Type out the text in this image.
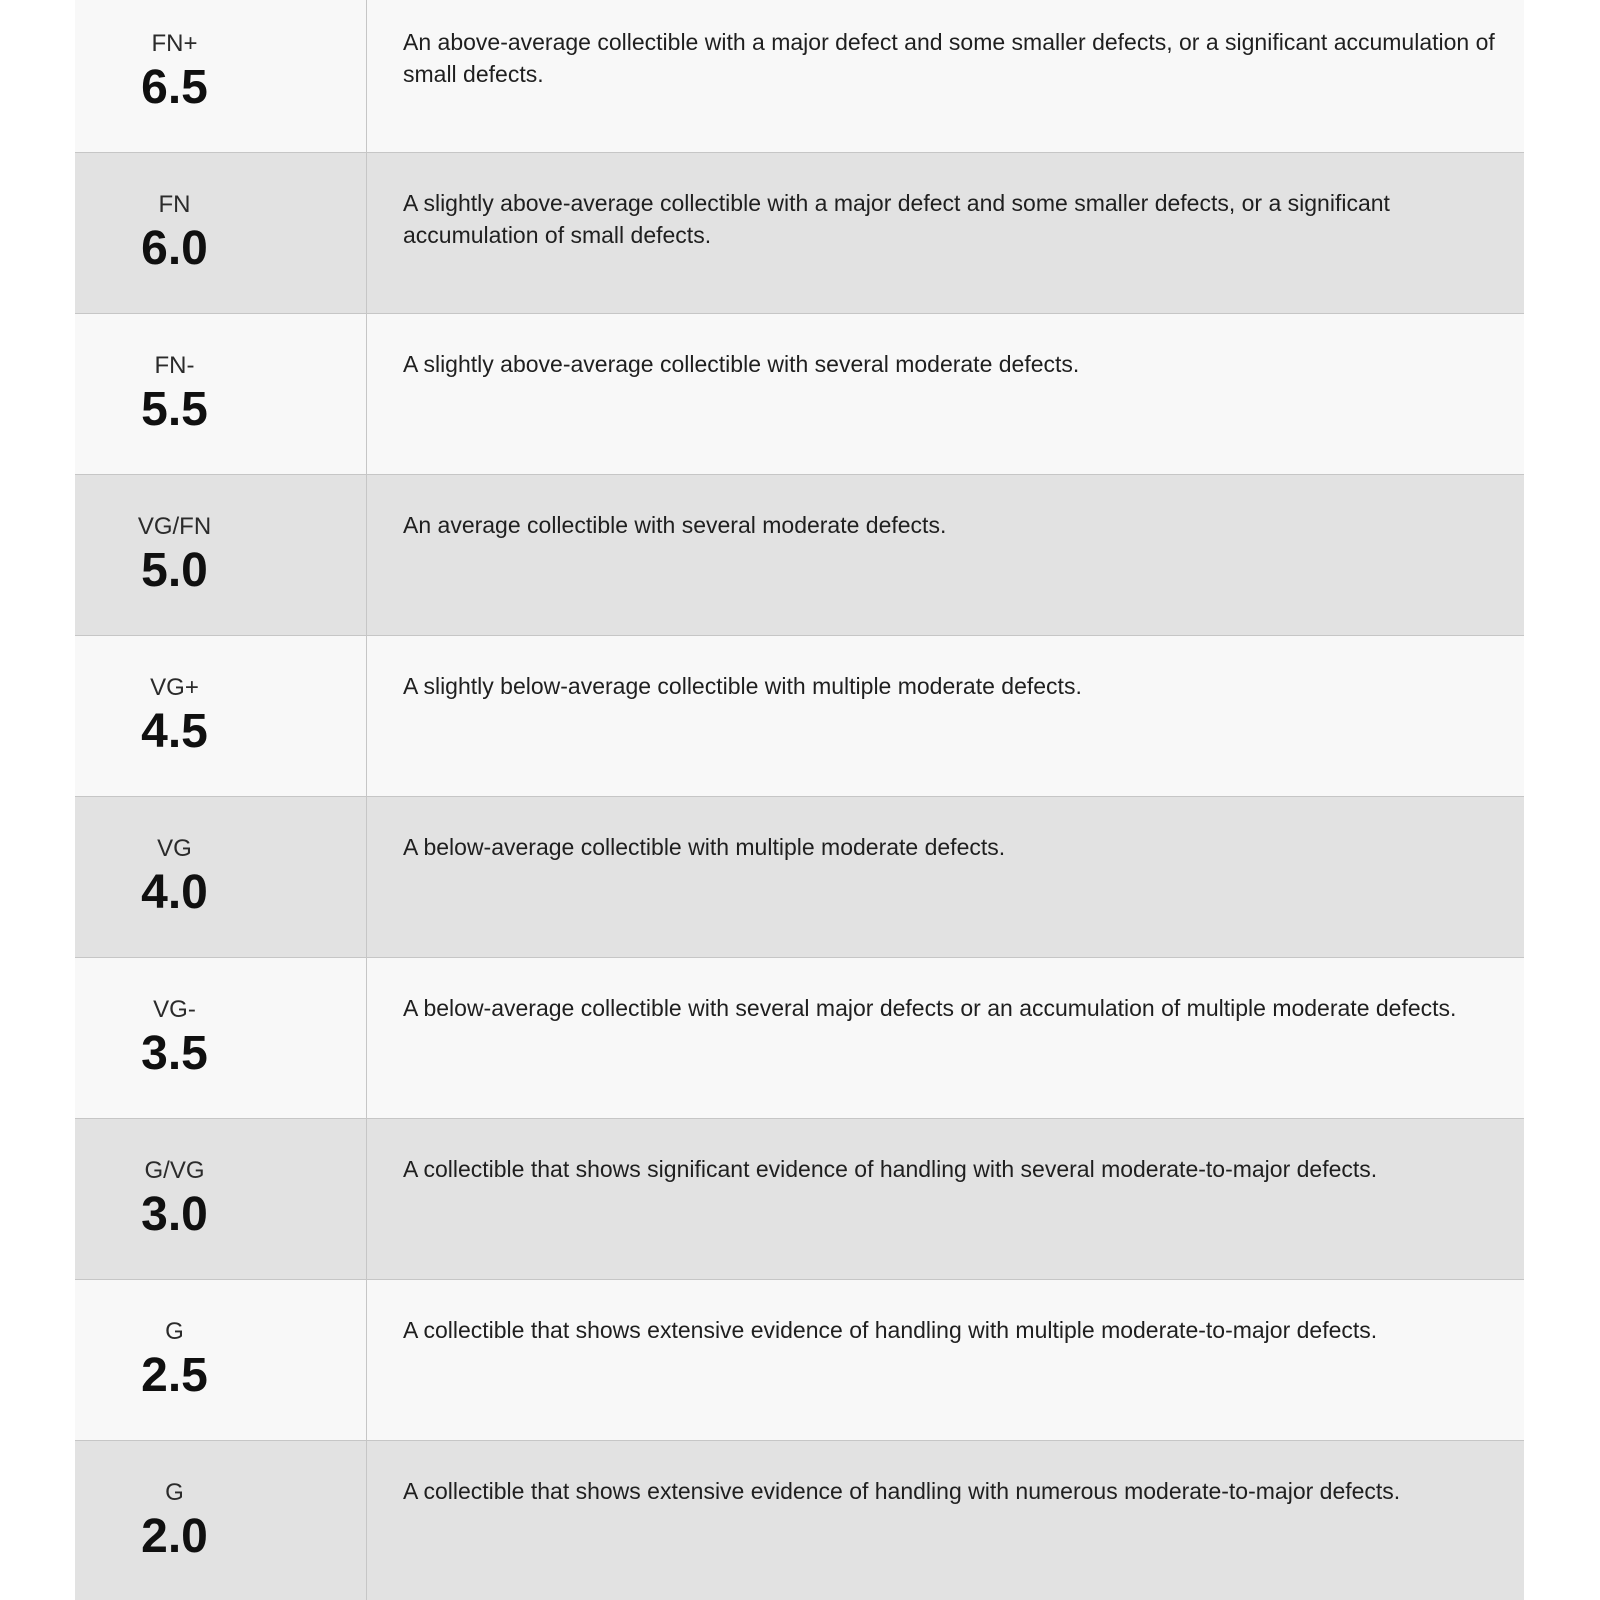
FN+
6.5
An above-average collectible with a major defect and some smaller defects, or a significant accumulation of small defects.
FN
6.0
A slightly above-average collectible with a major defect and some smaller defects, or a significant accumulation of small defects.
FN-
5.5
A slightly above-average collectible with several moderate defects.
VG/FN
5.0
An average collectible with several moderate defects.
VG+
4.5
A slightly below-average collectible with multiple moderate defects.
VG
4.0
A below-average collectible with multiple moderate defects.
VG-
3.5
A below-average collectible with several major defects or an accumulation of multiple moderate defects.
G/VG
3.0
A collectible that shows significant evidence of handling with several moderate-to-major defects.
G
2.5
A collectible that shows extensive evidence of handling with multiple moderate-to-major defects.
G
2.0
A collectible that shows extensive evidence of handling with numerous moderate-to-major defects.
